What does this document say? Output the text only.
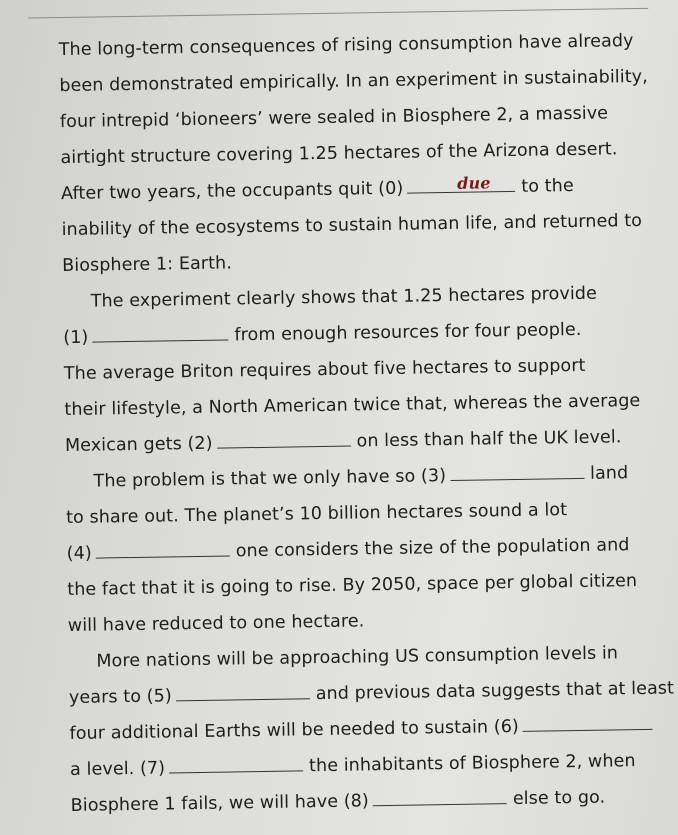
The long-term consequences of rising consumption have already
been demonstrated empirically. In an experiment in sustainability,
four intrepid ‘bioneers’ were sealed in Biosphere 2, a massive
airtight structure covering 1.25 hectares of the Arizona desert.
After two years, the occupants quit (0)	due to the
inability of the ecosystems to sustain human life, and returned to
Biosphere 1: Earth.
The experiment clearly shows that 1.25 hectares provide
(1)	from enough resources for four people.
The average Briton requires about five hectares to support
their lifestyle, a North American twice that, whereas the average
Mexican gets (2)	on less than half the UK level.
The problem is that we only have so (3)	land
to share out. The planet’s 10 billion hectares sound a lot
(4)	one considers the size of the population and
the fact that it is going to rise. By 2050, space per global citizen
will have reduced to one hectare.
More nations will be approaching US consumption levels in
years to (5)	and previous data suggests that at least
four additional Earths will be needed to sustain (6)
a level. (7)	the inhabitants of Biosphere 2, when
Biosphere 1 fails, we will have (8)	else to go.
